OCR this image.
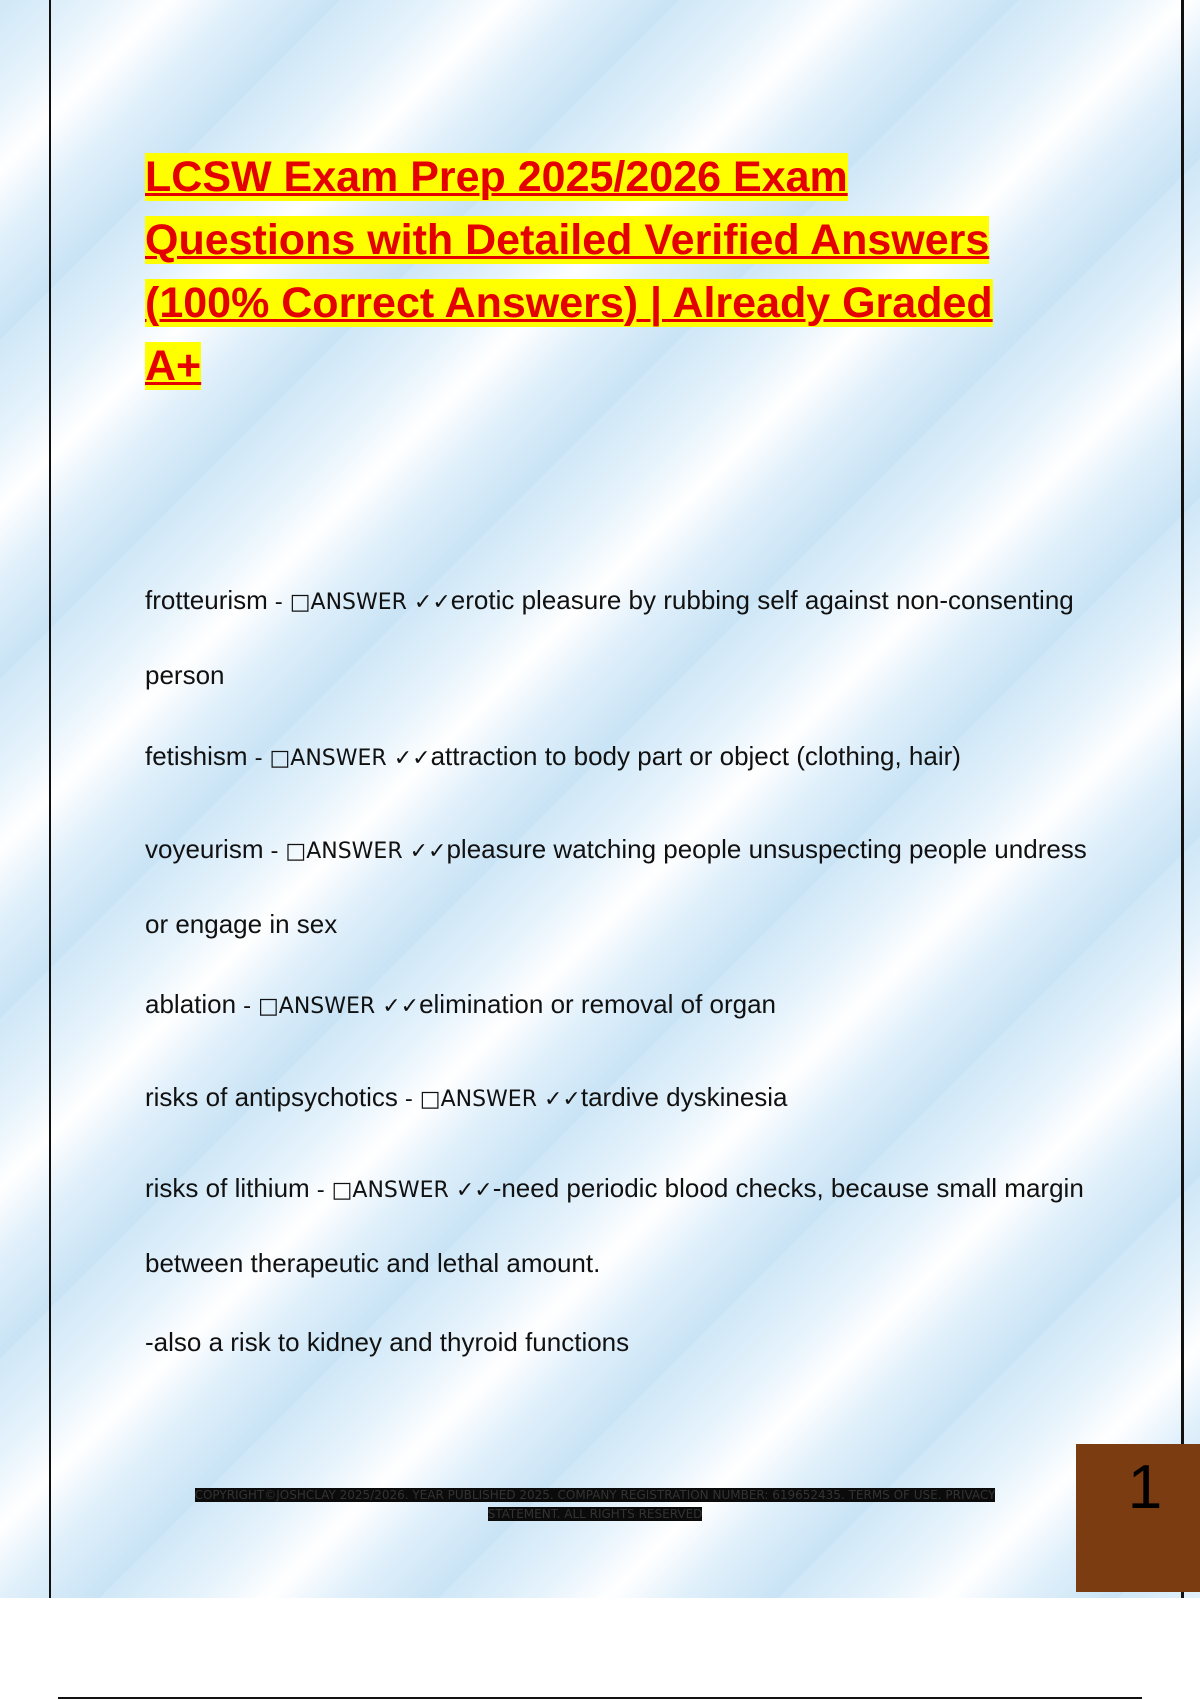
LCSW Exam Prep 2025/2026 Exam Questions with Detailed Verified Answers (100% Correct Answers) | Already Graded A+
frotteurism - □ANSWER ✓✓erotic pleasure by rubbing self against non-consenting person
fetishism - □ANSWER ✓✓attraction to body part or object (clothing, hair)
voyeurism - □ANSWER ✓✓pleasure watching people unsuspecting people undress or engage in sex
ablation - □ANSWER ✓✓elimination or removal of organ
risks of antipsychotics - □ANSWER ✓✓tardive dyskinesia
risks of lithium - □ANSWER ✓✓-need periodic blood checks, because small margin between therapeutic and lethal amount.
-also a risk to kidney and thyroid functions
COPYRIGHT©JOSHCLAY 2025/2026. YEAR PUBLISHED 2025. COMPANY REGISTRATION NUMBER: 619652435. TERMS OF USE. PRIVACY STATEMENT. ALL RIGHTS RESERVED	1
